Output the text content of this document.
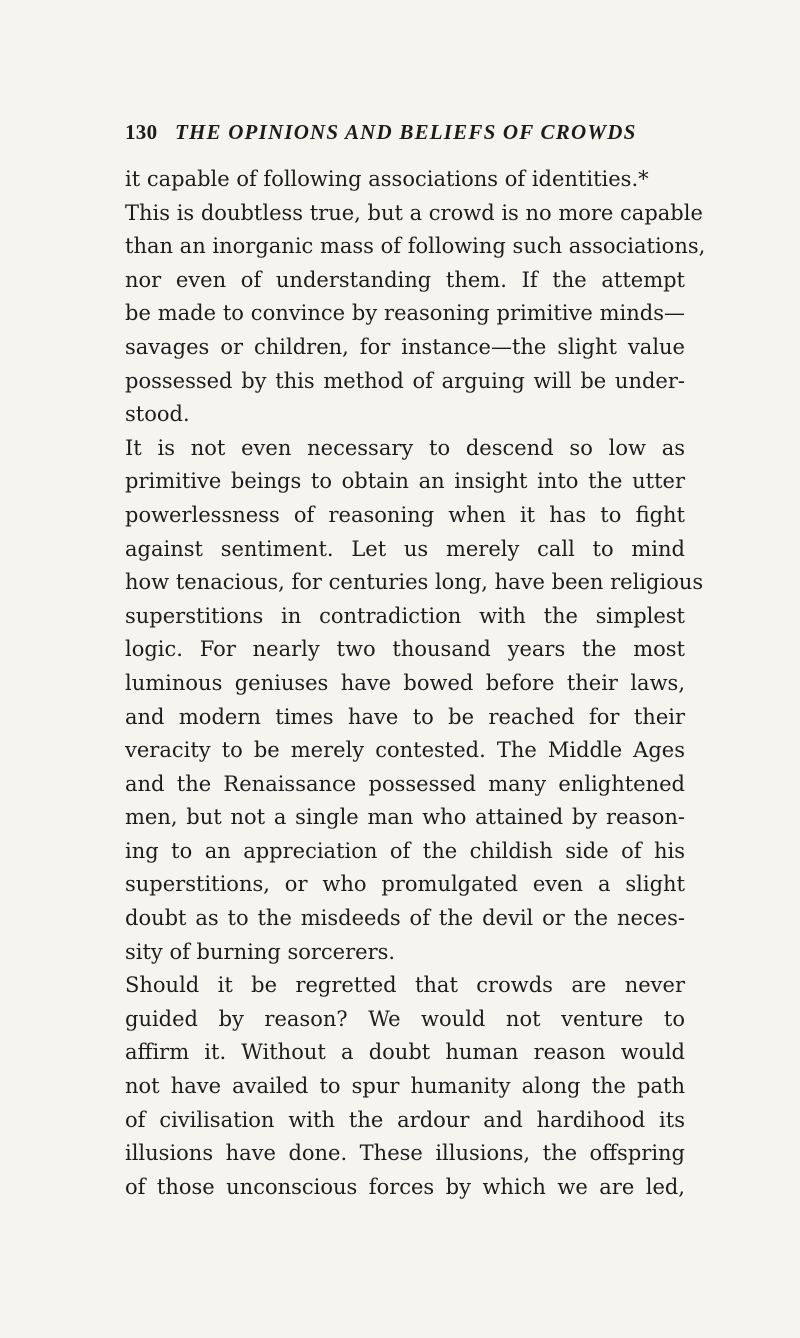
130 THE OPINIONS AND BELIEFS OF CROWDS
it capable of following associations of identities.*
This is doubtless true, but a crowd is no more capable
than an inorganic mass of following such associations,
nor even of understanding them. If the attempt
be made to convince by reasoning primitive minds—
savages or children, for instance—the slight value
possessed by this method of arguing will be under-
stood.
It is not even necessary to descend so low as
primitive beings to obtain an insight into the utter
powerlessness of reasoning when it has to fight
against sentiment. Let us merely call to mind
how tenacious, for centuries long, have been religious
superstitions in contradiction with the simplest
logic. For nearly two thousand years the most
luminous geniuses have bowed before their laws,
and modern times have to be reached for their
veracity to be merely contested. The Middle Ages
and the Renaissance possessed many enlightened
men, but not a single man who attained by reason-
ing to an appreciation of the childish side of his
superstitions, or who promulgated even a slight
doubt as to the misdeeds of the devil or the neces-
sity of burning sorcerers.
Should it be regretted that crowds are never
guided by reason? We would not venture to
affirm it. Without a doubt human reason would
not have availed to spur humanity along the path
of civilisation with the ardour and hardihood its
illusions have done. These illusions, the offspring
of those unconscious forces by which we are led,
